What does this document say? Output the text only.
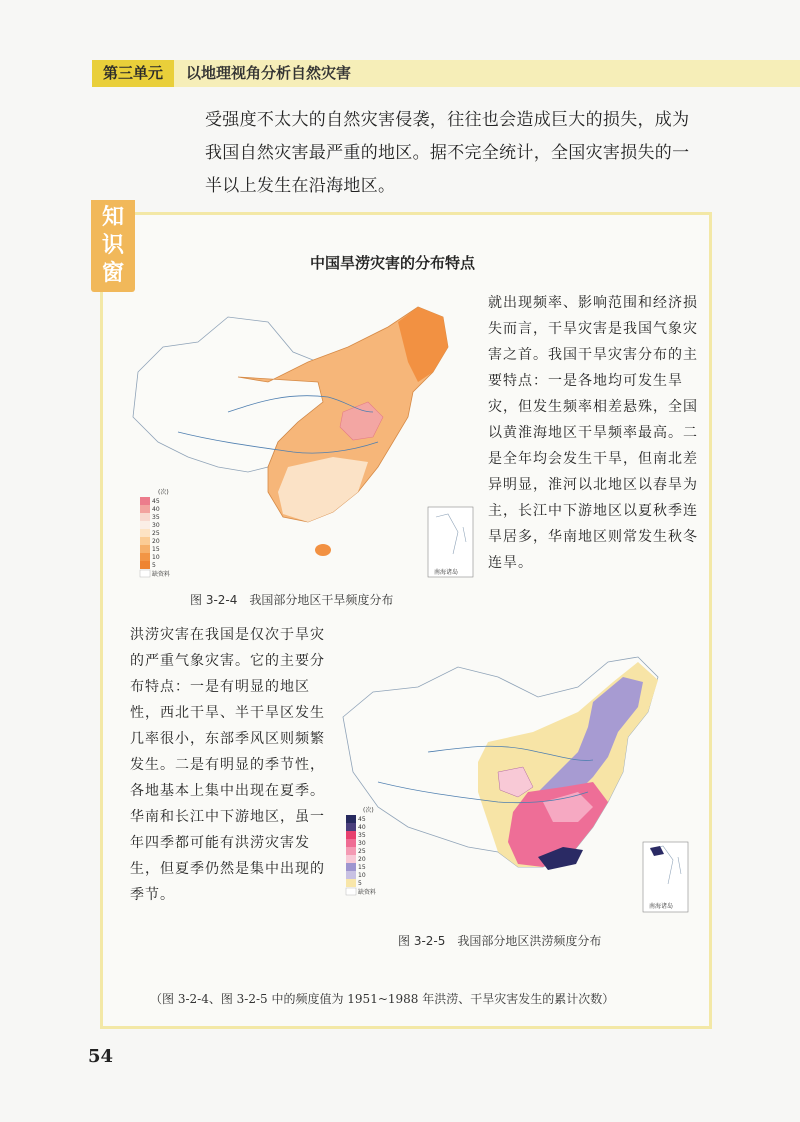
第三单元	以地理视角分析自然灾害

受强度不太大的自然灾害侵袭，往往也会造成巨大的损失，成为

我国自然灾害最严重的地区。据不完全统计，全国灾害损失的一

半以上发生在沿海地区。

知
识
窗	中国旱涝灾害的分布特点
(次)
45
40
35
30
25
20
15
10
5
缺资料	南海诸岛
图 3-2-4　我国部分地区干旱频度分布
就出现频率、影响范围和经济损失而言，干旱灾害是我国气象灾害之首。我国干旱灾害分布的主要特点：一是各地均可发生旱灾，但发生频率相差悬殊，全国以黄淮海地区干旱频率最高。二是全年均会发生干旱，但南北差异明显，淮河以北地区以春旱为主，长江中下游地区以夏秋季连旱居多，华南地区则常发生秋冬连旱。
洪涝灾害在我国是仅次于旱灾的严重气象灾害。它的主要分布特点：一是有明显的地区性，西北干旱、半干旱区发生几率很小，东部季风区则频繁发生。二是有明显的季节性，各地基本上集中出现在夏季。华南和长江中下游地区，虽一年四季都可能有洪涝灾害发生，但夏季仍然是集中出现的季节。
(次)
45
40
35
30
25
20
15
10
5
缺资料
南海诸岛
图 3-2-5　我国部分地区洪涝频度分布
（图 3-2-4、图 3-2-5 中的频度值为 1951~1988 年洪涝、干旱灾害发生的累计次数）
54
